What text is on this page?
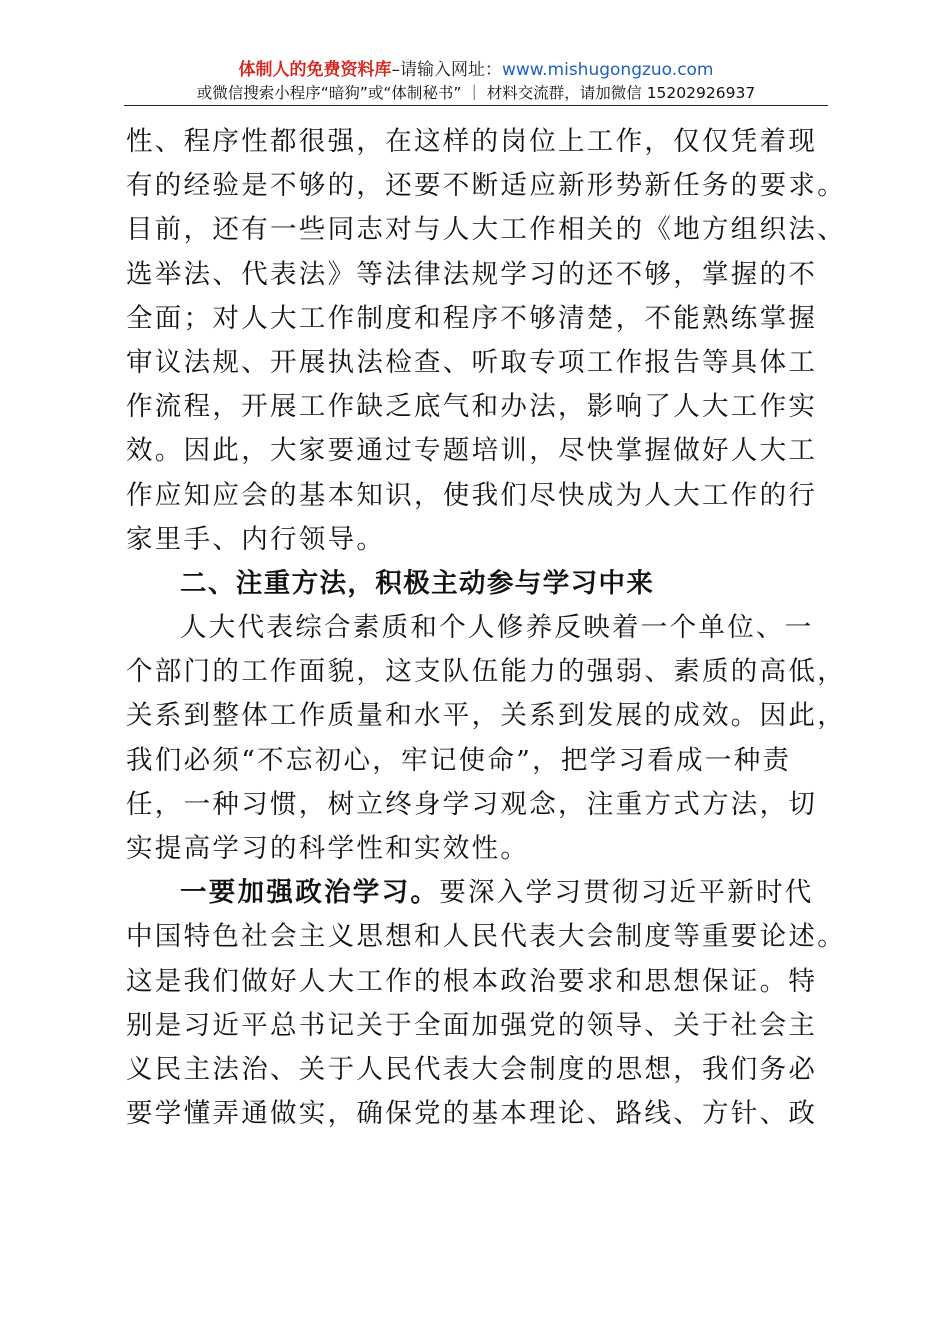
体制人的免费资料库–请输入网址：www.mishugongzuo.com
或微信搜索小程序“暗狗”或“体制秘书” ｜ 材料交流群，请加微信 15202926937
性、程序性都很强，在这样的岗位上工作，仅仅凭着现
有的经验是不够的，还要不断适应新形势新任务的要求。
目前，还有一些同志对与人大工作相关的《地方组织法、
选举法、代表法》等法律法规学习的还不够，掌握的不
全面；对人大工作制度和程序不够清楚，不能熟练掌握
审议法规、开展执法检查、听取专项工作报告等具体工
作流程，开展工作缺乏底气和办法，影响了人大工作实
效。因此，大家要通过专题培训，尽快掌握做好人大工
作应知应会的基本知识，使我们尽快成为人大工作的行
家里手、内行领导。
二、注重方法，积极主动参与学习中来
人大代表综合素质和个人修养反映着一个单位、一
个部门的工作面貌，这支队伍能力的强弱、素质的高低，
关系到整体工作质量和水平，关系到发展的成效。因此，
我们必须“不忘初心，牢记使命”，把学习看成一种责
任，一种习惯，树立终身学习观念，注重方式方法，切
实提高学习的科学性和实效性。
一要加强政治学习。要深入学习贯彻习近平新时代
中国特色社会主义思想和人民代表大会制度等重要论述。
这是我们做好人大工作的根本政治要求和思想保证。特
别是习近平总书记关于全面加强党的领导、关于社会主
义民主法治、关于人民代表大会制度的思想，我们务必
要学懂弄通做实，确保党的基本理论、路线、方针、政
